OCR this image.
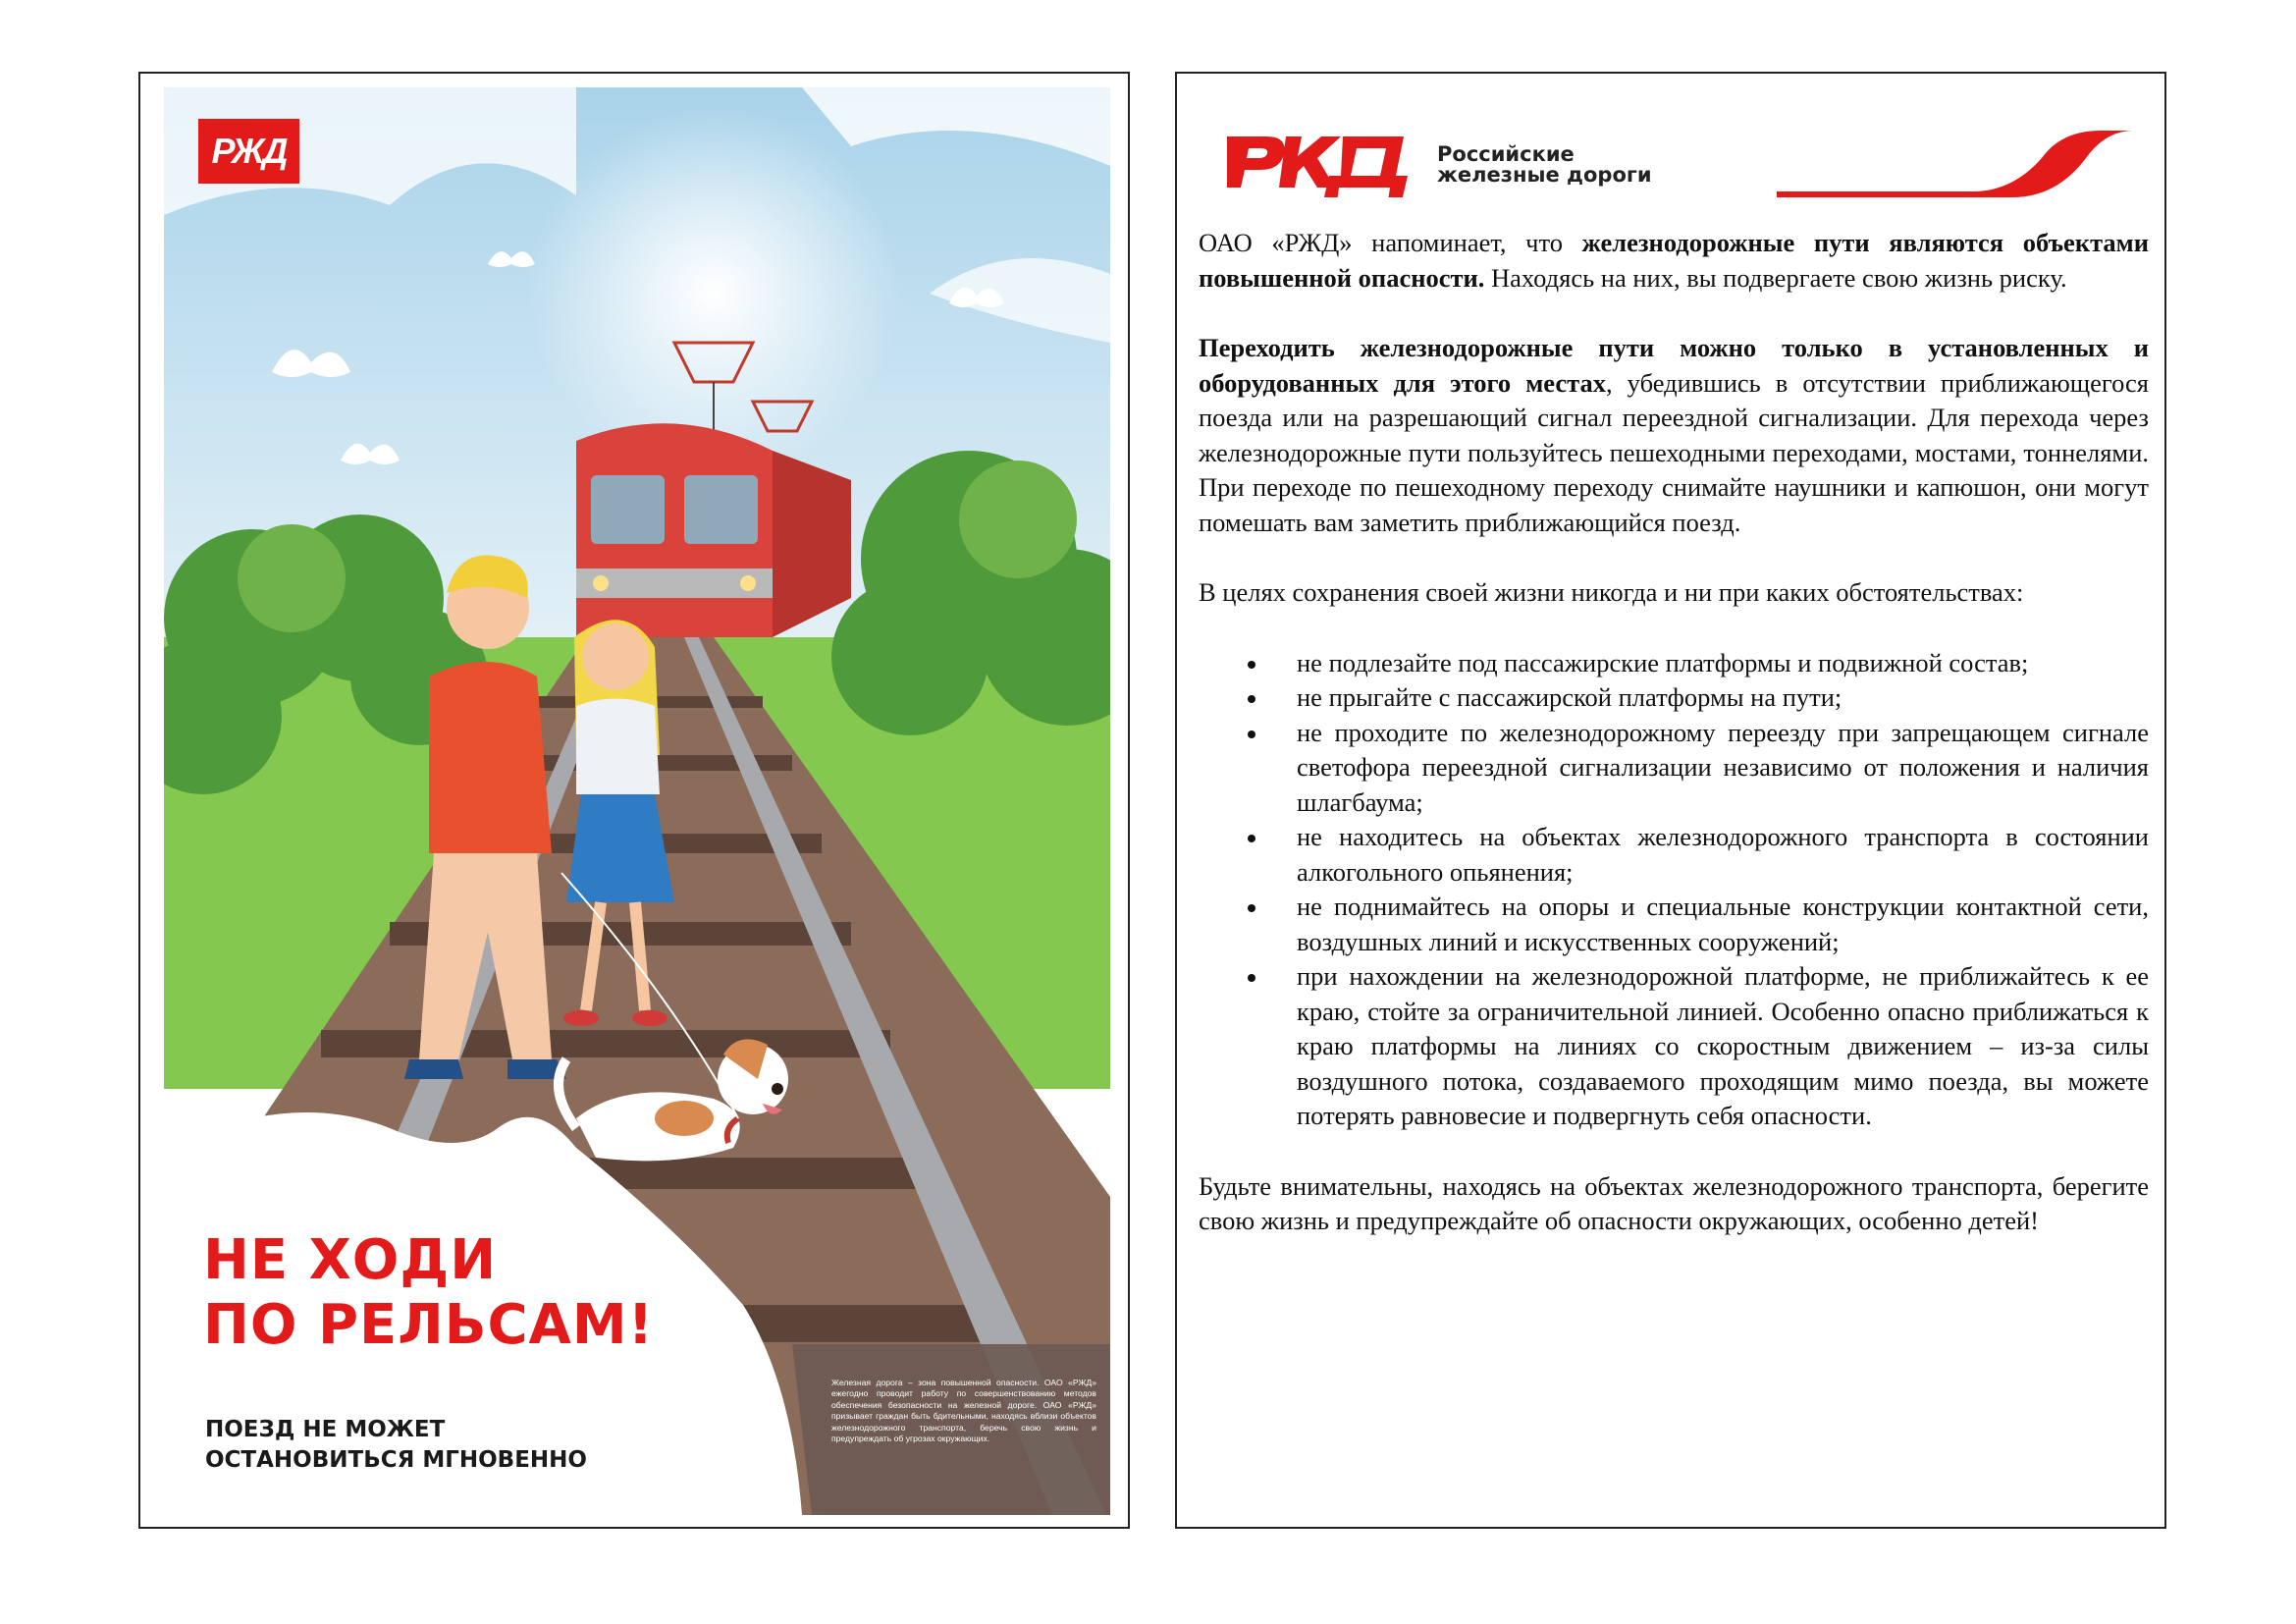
РЖД
НЕ ХОДИ
ПО РЕЛЬСАМ!
ПОЕЗД НЕ МОЖЕТ
ОСТАНОВИТЬСЯ МГНОВЕННО
Железная дорога – зона повышенной опасности. ОАО «РЖД» ежегодно проводит работу по совершенствованию методов обеспечения безопасности на железной дороге. ОАО «РЖД» призывает граждан быть бдительными, находясь вблизи объектов железнодорожного транспорта, беречь свою жизнь и предупреждать об угрозах окружающих.
Российские
железные дороги

ОАО «РЖД» напоминает, что железнодорожные пути являются объектами повышенной опасности. Находясь на них, вы подвергаете свою жизнь риску.

Переходить железнодорожные пути можно только в установленных и оборудованных для этого местах, убедившись в отсутствии приближающегося поезда или на разрешающий сигнал переездной сигнализации. Для перехода через железнодорожные пути пользуйтесь пешеходными переходами, мостами, тоннелями. При переходе по пешеходному переходу снимайте наушники и капюшон, они могут помешать вам заметить приближающийся поезд.

В целях сохранения своей жизни никогда и ни при каких обстоятельствах:

не подлезайте под пассажирские платформы и подвижной состав;
не прыгайте с пассажирской платформы на пути;
не проходите по железнодорожному переезду при запрещающем сигнале светофора переездной сигнализации независимо от положения и наличия шлагбаума;
не находитесь на объектах железнодорожного транспорта в состоянии алкогольного опьянения;
не поднимайтесь на опоры и специальные конструкции контактной сети, воздушных линий и искусственных сооружений;
при нахождении на железнодорожной платформе, не приближайтесь к ее краю, стойте за ограничительной линией. Особенно опасно приближаться к краю платформы на линиях со скоростным движением – из-за силы воздушного потока, создаваемого проходящим мимо поезда, вы можете потерять равновесие и подвергнуть себя опасности.

Будьте внимательны, находясь на объектах железнодорожного транспорта, берегите свою жизнь и предупреждайте об опасности окружающих, особенно детей!
